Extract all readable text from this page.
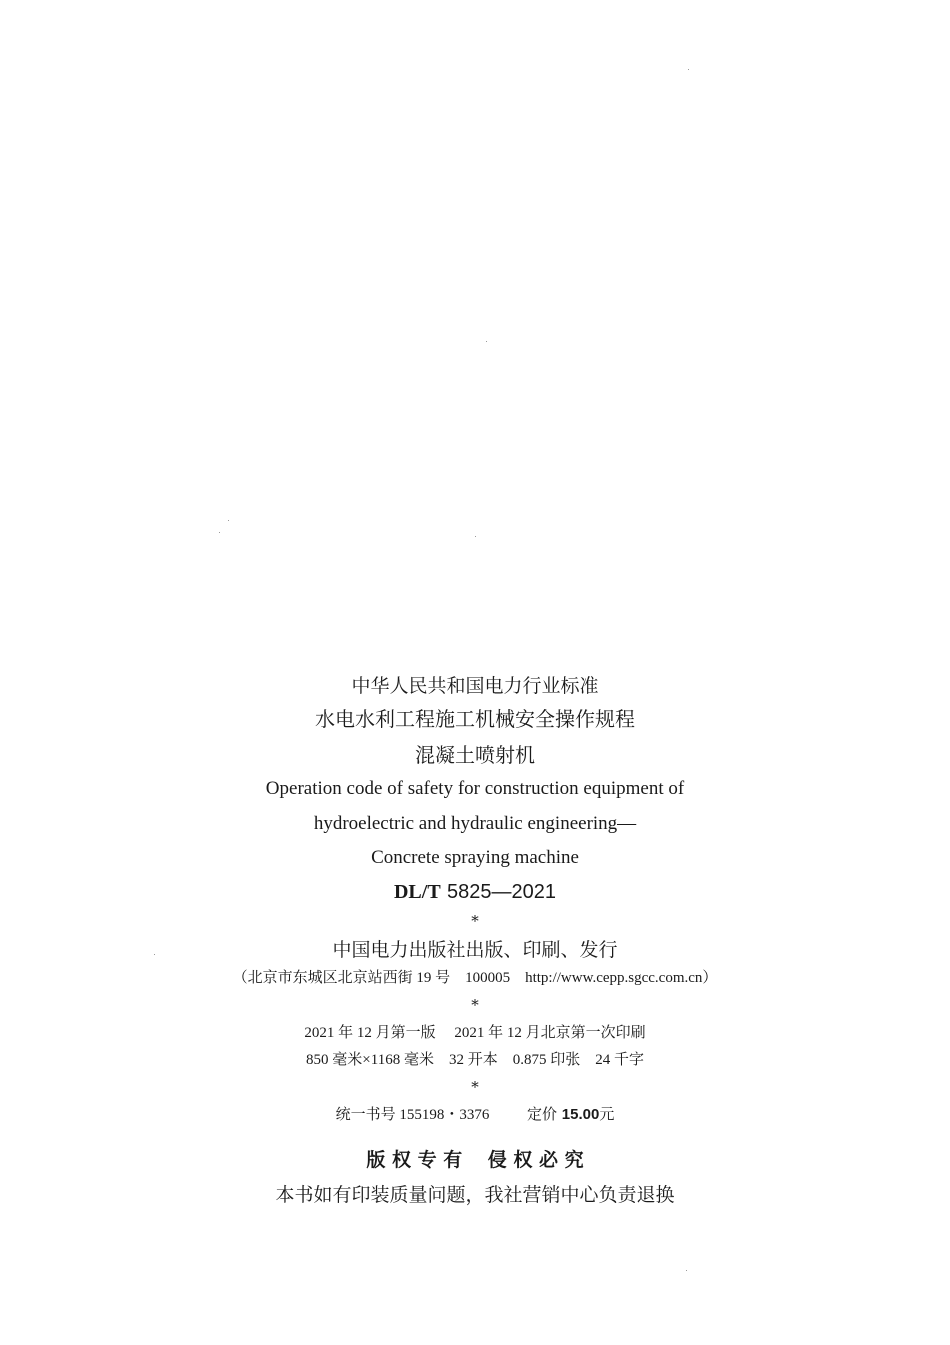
中华人民共和国电力行业标准
水电水利工程施工机械安全操作规程
混凝土喷射机
Operation code of safety for construction equipment of
hydroelectric and hydraulic engineering—
Concrete spraying machine
DL/T 5825—2021
*
中国电力出版社出版、印刷、发行
（北京市东城区北京站西街 19 号　100005　http://www.cepp.sgcc.com.cn）
*
2021 年 12 月第一版　 2021 年 12 月北京第一次印刷
850 毫米×1168 毫米　32 开本　0.875 印张　24 千字
*
统一书号 155198・3376	定价 15.00元
版 权 专 有　 侵 权 必 究
本书如有印装质量问题，我社营销中心负责退换
